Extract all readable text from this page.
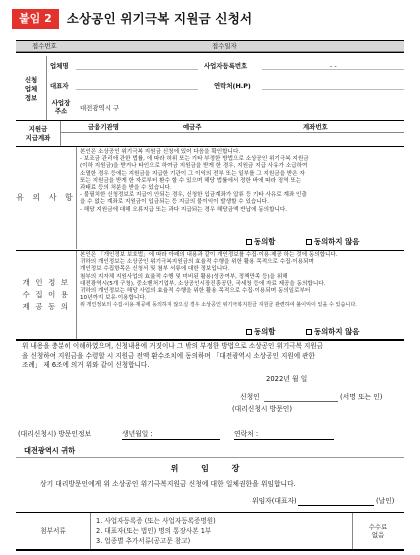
붙임 2	소상공인 위기극복 지원금 신청서
접수번호	접수일자
신청
업체
정보
업체명	사업자등록번호	- -
대표자	연락처(H.P)
사업장
주소 대전광역시 구
지원금
지급계좌
금융기관명	예금주	계좌번호
유 의 사 항
본인은 소상공인 위기극복 지원금 신청에 있어 다음을 확인합니다.
- 보조금 관리에 관한 법률, 에 따라 허위 또는 기타 부정한 방법으로 소상공인 위기극복 지원금
(이하 지원금)을 받거나 타인으로 하여금 지원금을 받게 한 경우, 지원금 지급 사유가 소급하여
소멸한 경우 등에는 지원금을 지급한 기관이 그 이익의 전부 또는 일부를 그 지원금을 받은 자
또는 지원금을 받게 한 자로부터 환수 할 수 있으며 해당 법률에서 정한 바에 따라 징역 또는
과태료 등의 처분을 받을 수 있습니다.
- 불필치한 신청정보로 지급이 안되는 경우, 신청한 입금계좌가 압류 등 기타 사유로 계좌 인출
을 수 없는 계좌로 지원금이 입금되는 등 지급의 불이익이 발생할 수 있습니다.
- 해당 지원금에 대해 오류지급 또는 과다 지급되는 경우 해당금액 반납에 동의합니다.
동의함	동의하지 않음
개 인 정 보
수 집 이 용
제 공 동 의
본인은 「개인정보 보호법」에 따라 아래의 내용과 같이 개인정보를 수집·이용·제공 하는 것에 동의합니다.
귀하의 개인정보는 소상공인 위기극복지원금의 효율적 수행을 위한 활용 목적으로 수집·이용되며
개인정보 수집항목은 신청서 및 첨부 서류에 대한 정보입니다.
첨부의 지자체 지원사업의 효율적 수행 및 미비된 활용(성공여부, 정책만족 등)을 위해
대전광역시(5개 구청), 중소벤처기업부, 소상공인시장진흥공단, 국세청 등에 자료 제공을 동의합니다.
귀하의 개인정보는 해당 사업의 효율적 수행을 위한 활용 목적으로 수집·이용되며 동의일로부터
10년까지 보유·이용합니다.
위 개인정보의 수집·이용·제공에 동의하지 않으실 경우 소상공인 위기극복지원금 지원금 관련하여 불이익이 있을 수 있습니다.
동의함	동의하지 않음
위 내용을 충분히 이해하였으며, 신청내용에 거짓이나 그 밖의 부정한 방법으로 소상공인 위기극복 지원금
을 신청하여 지원금을 수령할 시 지원금 전액 환수조치에 동의하며 「대전광역시 소상공인 지원에 관한
조례」 제 6조에 의거 위와 같이 신청합니다.
2022년 월 일
신청인	(서명 또는 인)
(대리신청시 방문인)
(대리신청시) 방문인정보	생년월일 :	연락처 :
대전광역시 귀하
위 임 장
상기 대리방문인에게 위 소상공인 위기극복지원금 신청에 대한 일체권한을 위임합니다.
위임자(대표자)	(날인)
첨부서류
1. 사업자등록증 (또는 사업자등록증명원)
2. 대표자(또는 법인) 명의 통장사본 1부
3. 업종별 추가서류(공고문 참고)
수수료
없음
